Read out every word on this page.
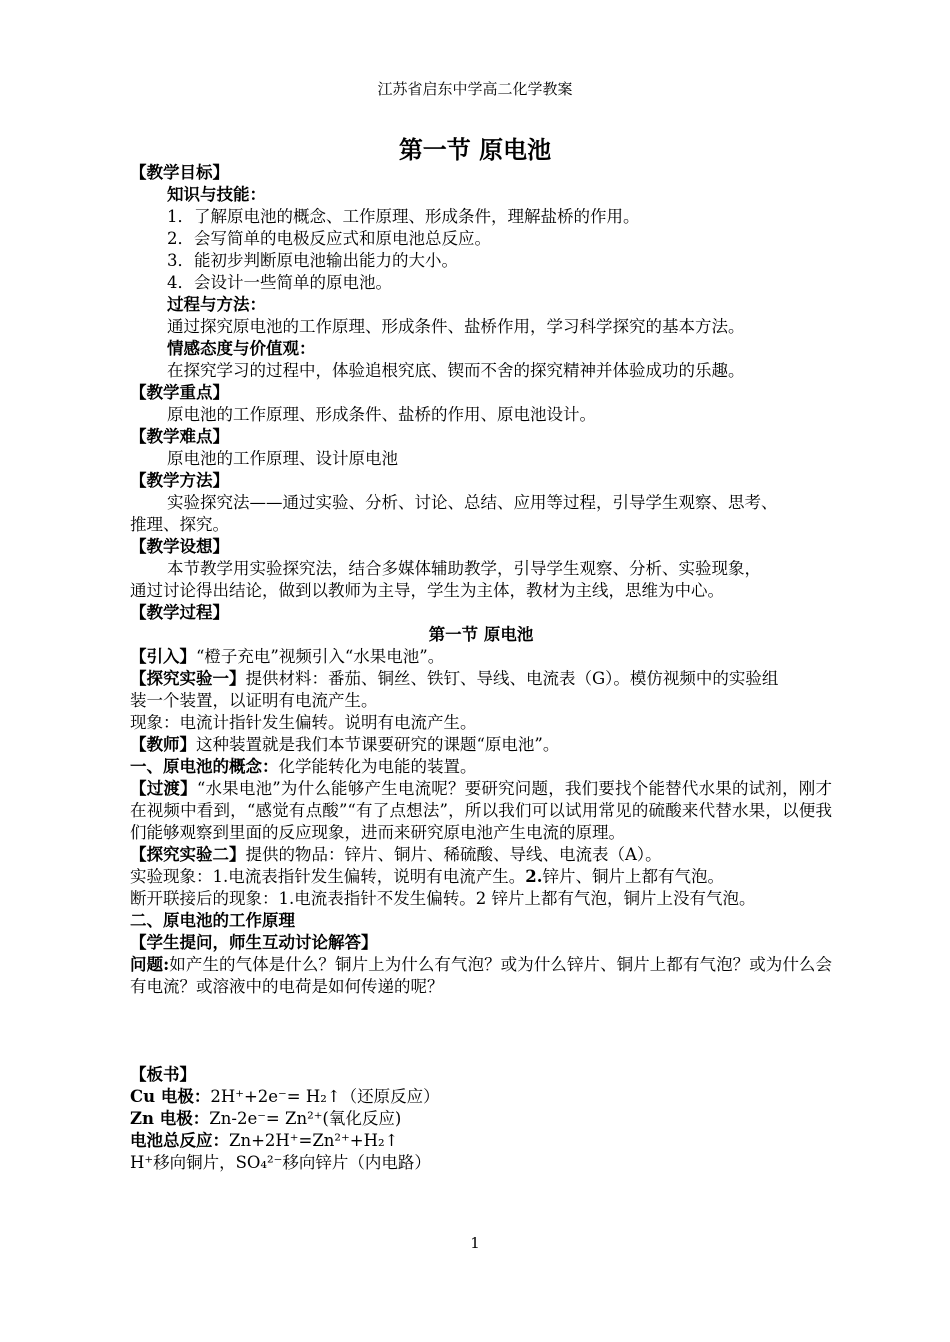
江苏省启东中学高二化学教案
第一节 原电池

【教学目标】

知识与技能：

1．了解原电池的概念、工作原理、形成条件，理解盐桥的作用。

2．会写简单的电极反应式和原电池总反应。

3．能初步判断原电池输出能力的大小。

4．会设计一些简单的原电池。

过程与方法：

通过探究原电池的工作原理、形成条件、盐桥作用，学习科学探究的基本方法。

情感态度与价值观：

在探究学习的过程中，体验追根究底、锲而不舍的探究精神并体验成功的乐趣。

【教学重点】

原电池的工作原理、形成条件、盐桥的作用、原电池设计。

【教学难点】

原电池的工作原理、设计原电池

【教学方法】

实验探究法——通过实验、分析、讨论、总结、应用等过程，引导学生观察、思考、

推理、探究。

【教学设想】

本节教学用实验探究法，结合多媒体辅助教学，引导学生观察、分析、实验现象，

通过讨论得出结论，做到以教师为主导，学生为主体，教材为主线，思维为中心。

【教学过程】

第一节 原电池

【引入】“橙子充电”视频引入“水果电池”。

【探究实验一】提供材料：番茄、铜丝、铁钉、导线、电流表（G）。模仿视频中的实验组

装一个装置，以证明有电流产生。

现象：电流计指针发生偏转。说明有电流产生。

【教师】这种装置就是我们本节课要研究的课题“原电池”。

一、原电池的概念：化学能转化为电能的装置。

【过渡】“水果电池”为什么能够产生电流呢？要研究问题，我们要找个能替代水果的试剂，刚才在视频中看到，“感觉有点酸”“有了点想法”，所以我们可以试用常见的硫酸来代替水果，以便我们能够观察到里面的反应现象，进而来研究原电池产生电流的原理。

【探究实验二】提供的物品：锌片、铜片、稀硫酸、导线、电流表（A）。

实验现象：1.电流表指针发生偏转，说明有电流产生。2.锌片、铜片上都有气泡。

断开联接后的现象：1.电流表指针不发生偏转。2 锌片上都有气泡，铜片上没有气泡。

二、原电池的工作原理

【学生提问，师生互动讨论解答】

问题:如产生的气体是什么？铜片上为什么有气泡？或为什么锌片、铜片上都有气泡？或为什么会有电流？或溶液中的电荷是如何传递的呢？

【板书】

Cu 电极：2H⁺+2e⁻= H₂↑（还原反应）

Zn 电极：Zn-2e⁻= Zn²⁺(氧化反应)

电池总反应：Zn+2H⁺=Zn²⁺+H₂↑

H⁺移向铜片，SO₄²⁻移向锌片（内电路）

1
